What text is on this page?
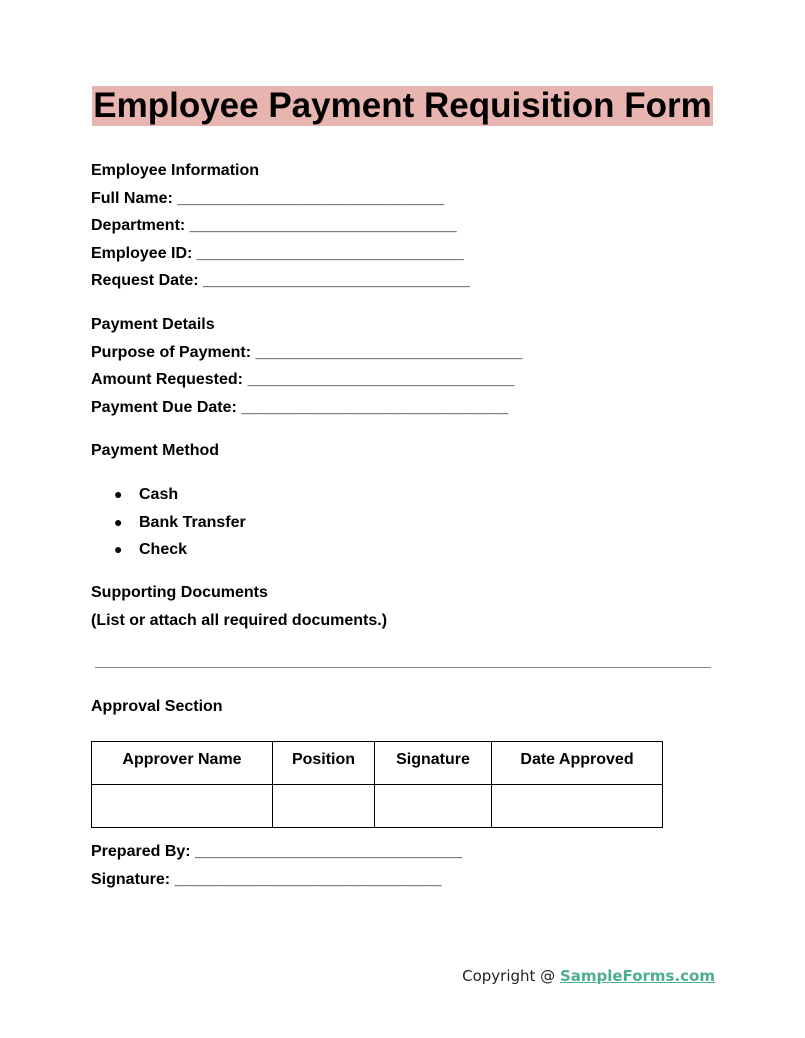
Employee Payment Requisition Form
Employee Information
Full Name: ______________________________
Department: ______________________________
Employee ID: ______________________________
Request Date: ______________________________
Payment Details
Purpose of Payment: ______________________________
Amount Requested: ______________________________
Payment Due Date: ______________________________
Payment Method
● Cash
● Bank Transfer
● Check
Supporting Documents
(List or attach all required documents.)
Approval Section
Approver Name	Position	Signature	Date Approved

Prepared By: ______________________________
Signature: ______________________________
Copyright @ SampleForms.com
